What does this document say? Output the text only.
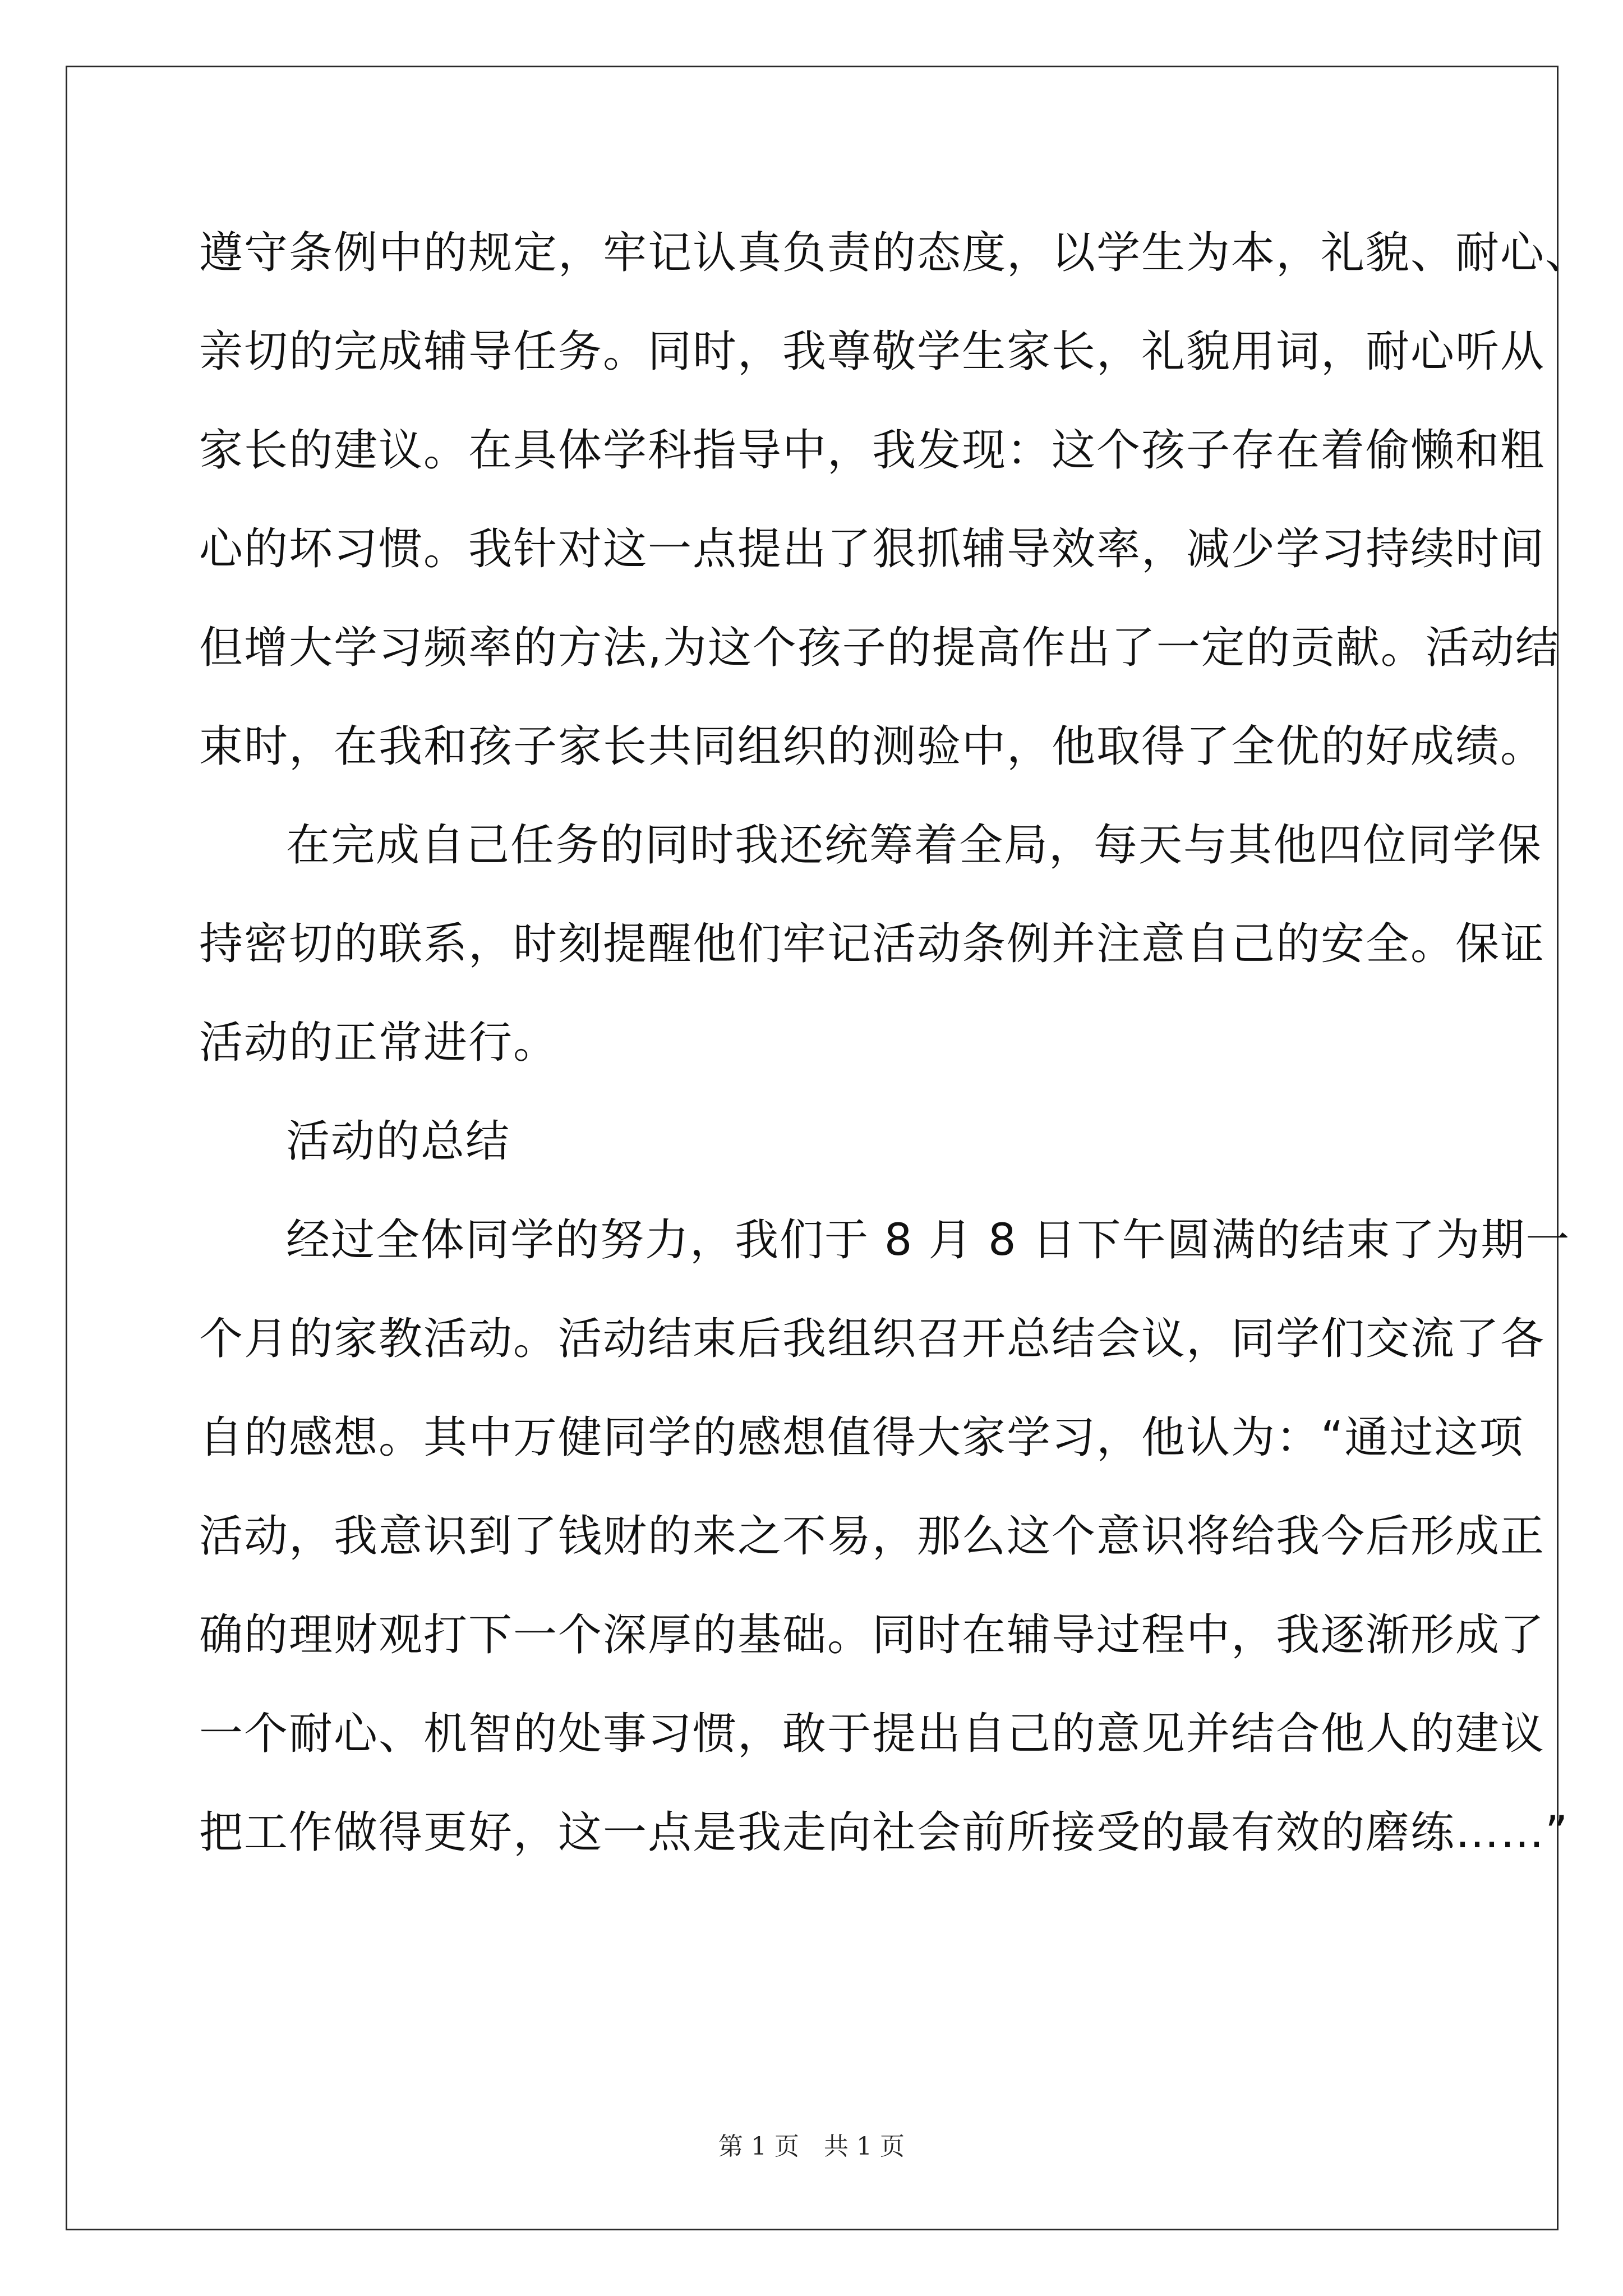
遵守条例中的规定，牢记认真负责的态度，以学生为本，礼貌、耐心、
亲切的完成辅导任务。同时，我尊敬学生家长，礼貌用词，耐心听从
家长的建议。在具体学科指导中，我发现：这个孩子存在着偷懒和粗
心的坏习惯。我针对这一点提出了狠抓辅导效率，减少学习持续时间
但增大学习频率的方法,为这个孩子的提高作出了一定的贡献。活动结
束时，在我和孩子家长共同组织的测验中，他取得了全优的好成绩。
在完成自己任务的同时我还统筹着全局，每天与其他四位同学保
持密切的联系，时刻提醒他们牢记活动条例并注意自己的安全。保证
活动的正常进行。
活动的总结
经过全体同学的努力，我们于 8 月 8 日下午圆满的结束了为期一
个月的家教活动。活动结束后我组织召开总结会议，同学们交流了各
自的感想。其中万健同学的感想值得大家学习，他认为：“通过这项
活动，我意识到了钱财的来之不易，那么这个意识将给我今后形成正
确的理财观打下一个深厚的基础。同时在辅导过程中，我逐渐形成了
一个耐心、机智的处事习惯，敢于提出自己的意见并结合他人的建议
把工作做得更好，这一点是我走向社会前所接受的最有效的磨练……”
第 1 页　共 1 页
